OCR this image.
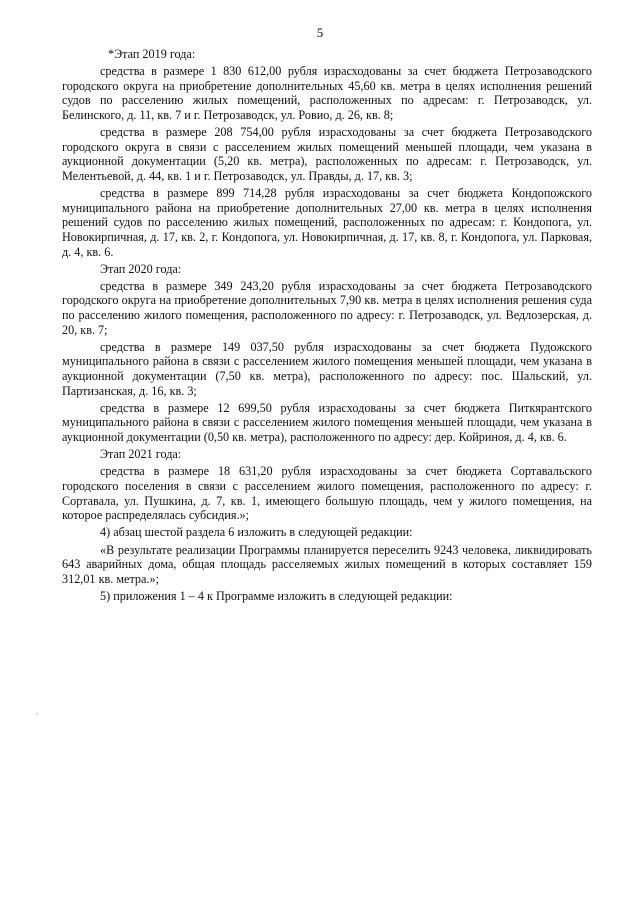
5

*Этап 2019 года:

средства в размере 1 830 612,00 рубля израсходованы за счет бюджета Петрозаводского городского округа на приобретение дополнительных 45,60 кв. метра в целях исполнения решений судов по расселению жилых помещений, расположенных по адресам: г. Петрозаводск, ул. Белинского, д. 11, кв. 7 и г. Петрозаводск, ул. Ровио, д. 26, кв. 8;

средства в размере 208 754,00 рубля израсходованы за счет бюджета Петрозаводского городского округа в связи с расселением жилых помещений меньшей площади, чем указана в аукционной документации (5,20 кв. метра), расположенных по адресам: г. Петрозаводск, ул. Мелентьевой, д. 44, кв. 1 и г. Петрозаводск, ул. Правды, д. 17, кв. 3;

средства в размере 899 714,28 рубля израсходованы за счет бюджета Кондопожского муниципального района на приобретение дополнительных 27,00 кв. метра в целях исполнения решений судов по расселению жилых помещений, расположенных по адресам: г. Кондопога, ул. Новокирпичная, д. 17, кв. 2, г. Кондопога, ул. Новокирпичная, д. 17, кв. 8, г. Кондопога, ул. Парковая, д. 4, кв. 6.

Этап 2020 года:

средства в размере 349 243,20 рубля израсходованы за счет бюджета Петрозаводского городского округа на приобретение дополнительных 7,90 кв. метра в целях исполнения решения суда по расселению жилого помещения, расположенного по адресу: г. Петрозаводск, ул. Ведлозерская, д. 20, кв. 7;

средства в размере 149 037,50 рубля израсходованы за счет бюджета Пудожского муниципального района в связи с расселением жилого помещения меньшей площади, чем указана в аукционной документации (7,50 кв. метра), расположенного по адресу: пос. Шальский, ул. Партизанская, д. 16, кв. 3;

средства в размере 12 699,50 рубля израсходованы за счет бюджета Питкярантского муниципального района в связи с расселением жилого помещения меньшей площади, чем указана в аукционной документации (0,50 кв. метра), расположенного по адресу: дер. Койриноя, д. 4, кв. 6.

Этап 2021 года:

средства в размере 18 631,20 рубля израсходованы за счет бюджета Сортавальского городского поселения в связи с расселением жилого помещения, расположенного по адресу: г. Сортавала, ул. Пушкина, д. 7, кв. 1, имеющего большую площадь, чем у жилого помещения, на которое распределялась субсидия.»;

4) абзац шестой раздела 6 изложить в следующей редакции:

«В результате реализации Программы планируется переселить 9243 человека, ликвидировать 643 аварийных дома, общая площадь расселяемых жилых помещений в которых составляет 159 312,01 кв. метра.»;

5) приложения 1 – 4 к Программе изложить в следующей редакции:
